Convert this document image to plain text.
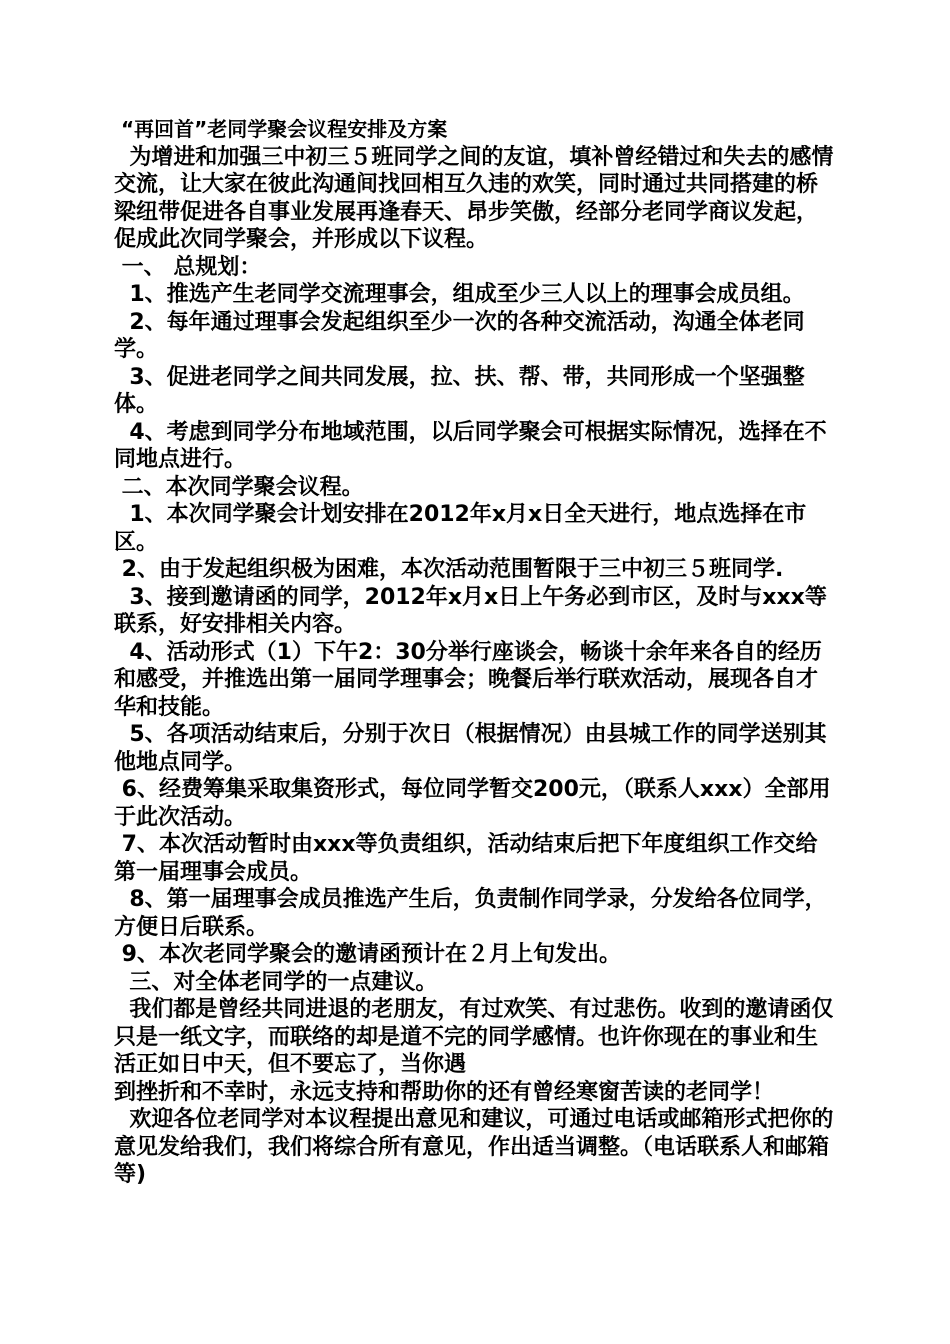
“再回首”老同学聚会议程安排及方案

为增进和加强三中初三５班同学之间的友谊，填补曾经错过和失去的感情交流，让大家在彼此沟通间找回相互久违的欢笑，同时通过共同搭建的桥梁纽带促进各自事业发展再逢春天、昂步笑傲，经部分老同学商议发起，促成此次同学聚会，并形成以下议程。

一、 总规划：

1、推选产生老同学交流理事会，组成至少三人以上的理事会成员组。

2、每年通过理事会发起组织至少一次的各种交流活动，沟通全体老同学。

3、促进老同学之间共同发展，拉、扶、帮、带，共同形成一个坚强整体。

4、考虑到同学分布地域范围，以后同学聚会可根据实际情况，选择在不同地点进行。

二、本次同学聚会议程。

1、本次同学聚会计划安排在2012年x月x日全天进行，地点选择在市区。

2、由于发起组织极为困难，本次活动范围暂限于三中初三５班同学.

3、接到邀请函的同学，2012年x月x日上午务必到市区，及时与xxx等联系，好安排相关内容。

4、活动形式（1）下午2：30分举行座谈会，畅谈十余年来各自的经历和感受，并推选出第一届同学理事会；晚餐后举行联欢活动，展现各自才华和技能。

5、各项活动结束后，分别于次日（根据情况）由县城工作的同学送别其他地点同学。

6、经费筹集采取集资形式，每位同学暂交200元，（联系人xxx）全部用于此次活动。

7、本次活动暂时由xxx等负责组织，活动结束后把下年度组织工作交给第一届理事会成员。

8、第一届理事会成员推选产生后，负责制作同学录，分发给各位同学，方便日后联系。

9、本次老同学聚会的邀请函预计在２月上旬发出。

三、对全体老同学的一点建议。

我们都是曾经共同进退的老朋友，有过欢笑、有过悲伤。收到的邀请函仅只是一纸文字，而联络的却是道不完的同学感情。也许你现在的事业和生活正如日中天，但不要忘了，当你遇

到挫折和不幸时，永远支持和帮助你的还有曾经寒窗苦读的老同学！

欢迎各位老同学对本议程提出意见和建议，可通过电话或邮箱形式把你的意见发给我们，我们将综合所有意见，作出适当调整。（电话联系人和邮箱等)
